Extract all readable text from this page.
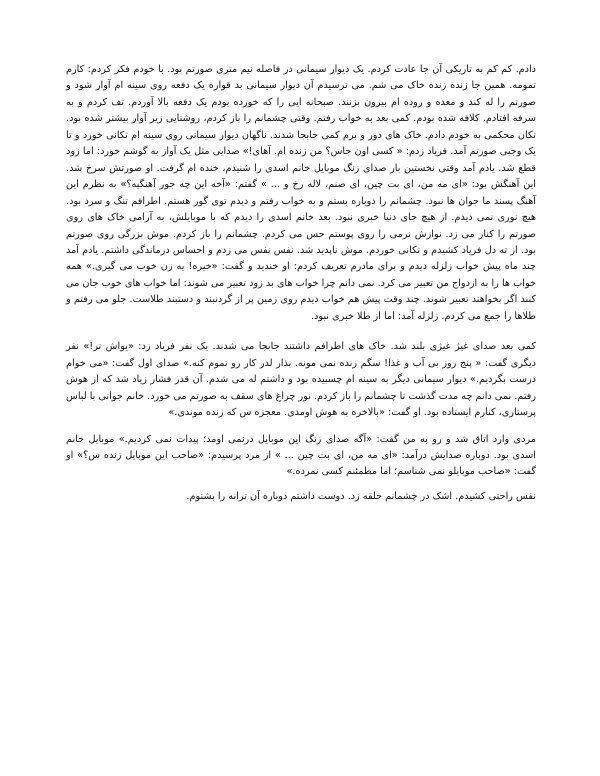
دادم. کم کم به تاریکی آن جا عادت کردم. یک دیوار سیمانی در فاصله نیم متری صورتم بود. با خودم فکر کردم: کارم تمومه. همین جا زنده زنده خاک می شم. می ترسیدم آن دیوار سیمانی بد قواره یک دفعه روی سینه ام آوار شود و صورتم را له کند و معده و روده ام بیرون بزنند. صبحانه ایی را که خورده بودم یک دفعه بالا آوردم. تف کردم و به سرفه افتادم. کلافه شده بودم. کمی بعد به خواب رفتم. وقتی چشمانم را باز کردم، روشنایی زیر آوار بیشتر شده بود. تکان محکمی به خودم دادم. خاک های دور و برم کمی جابجا شدند. ناگهان دیوار سیمانی روی سینه ام تکانی خورد و تا یک وجبی صورتم آمد. فریاد زدم: « کسی اون جاس؟ من زنده ام. آهای!» صدایی مثل یک آواز به گوشم خورد: اما زود قطع شد. یادم آمد وقتی نخستین بار صدای زنگ موبایل خانم اسدی را شنیدم، خنده ام گرفت. او صورتش سرخ شد. این آهنگش بود: «ای مه من، ای بت چین، ای صنم، لاله رخ و ... » گفتم: «آخه این چه جور آهنگیه؟» به نظرم این آهنگ پسند ما جوان ها نبود. چشمانم را دوباره بستم و به خواب رفتم و دیدم توی گور هستم. اطرافم تنگ و سرد بود. هیچ نوری نمی دیدم. از هیچ جای دنیا خبری نبود. بعد خانم اسدی را دیدم که با موبایلش، به آرامی خاک های روی صورتم را کنار می زد. نوازش نرمی را روی پوستم حس می کردم. چشمانم را باز کردم. موش بزرگی روی صورتم بود. از ته دل فریاد کشیدم و تکانی خوردم. موش ناپدید شد. نفس نفس می زدم و احساس درماندگی داشتم. یادم آمد چند ماه پیش خواب زلزله دیدم و برای مادرم تعریف کردم: او خندید و گفت: «خیره! یه زن خوب می گیری.» همه خواب ها را به ازدواج من تعبیر می کرد. نمی دانم چرا خواب های بد زود تعبیر می شوند: اما خواب های خوب جان می کنند اگر بخواهند تعبیر شوند. چند وقت پیش هم خواب دیدم روی زمین پر از گردنبند و دستبند طلاست. جلو می رفتم و طلاها را جمع می کردم. زلزله آمد: اما از طلا خبری نبود.

کمی بعد صدای غیژ غیژی بلند شد. خاک های اطرافم داشتند جابجا می شدند. یک نفر فریاد زد: «یواش تر!» نفر دیگری گفت: « پنج روز بی آب و غذا! سگم زنده نمی مونه. بذار لدر کار رو تموم کنه.» صدای اول گفت: «می خوام درست بگردیم.» دیوار سیمانی دیگر به سینه ام چسبیده بود و داشتم له می شدم. آن قدر فشار زیاد شد که از هوش رفتم. نمی دانم چه مدت گذشت تا چشمانم را باز کردم. نور چراغ های سقف به صورتم می خورد. خانم جوانی با لباس پرستاری، کنارم ایستاده بود. او گفت: «بالاخره به هوش اومدی. معجزه س که زنده موندی.»

مردی وارد اتاق شد و رو به من گفت: «آگه صدای زنگ این موبایل درنمی اومد؛ پیدات نمی کردیم.» موبایل خانم اسدی بود. دوباره صدایش درآمد: «ای مه من، ای بت چین ... » از مرد پرسیدم: «صاحب این موبایل زنده س؟» او گفت: «صاحب موبایلو نمی شناسم؛ اما مطمئنم کسی نمرده.»

نفس راحتی کشیدم. اشک در چشمانم حلقه زد. دوست داشتم دوباره آن ترانه را بشنوم.
